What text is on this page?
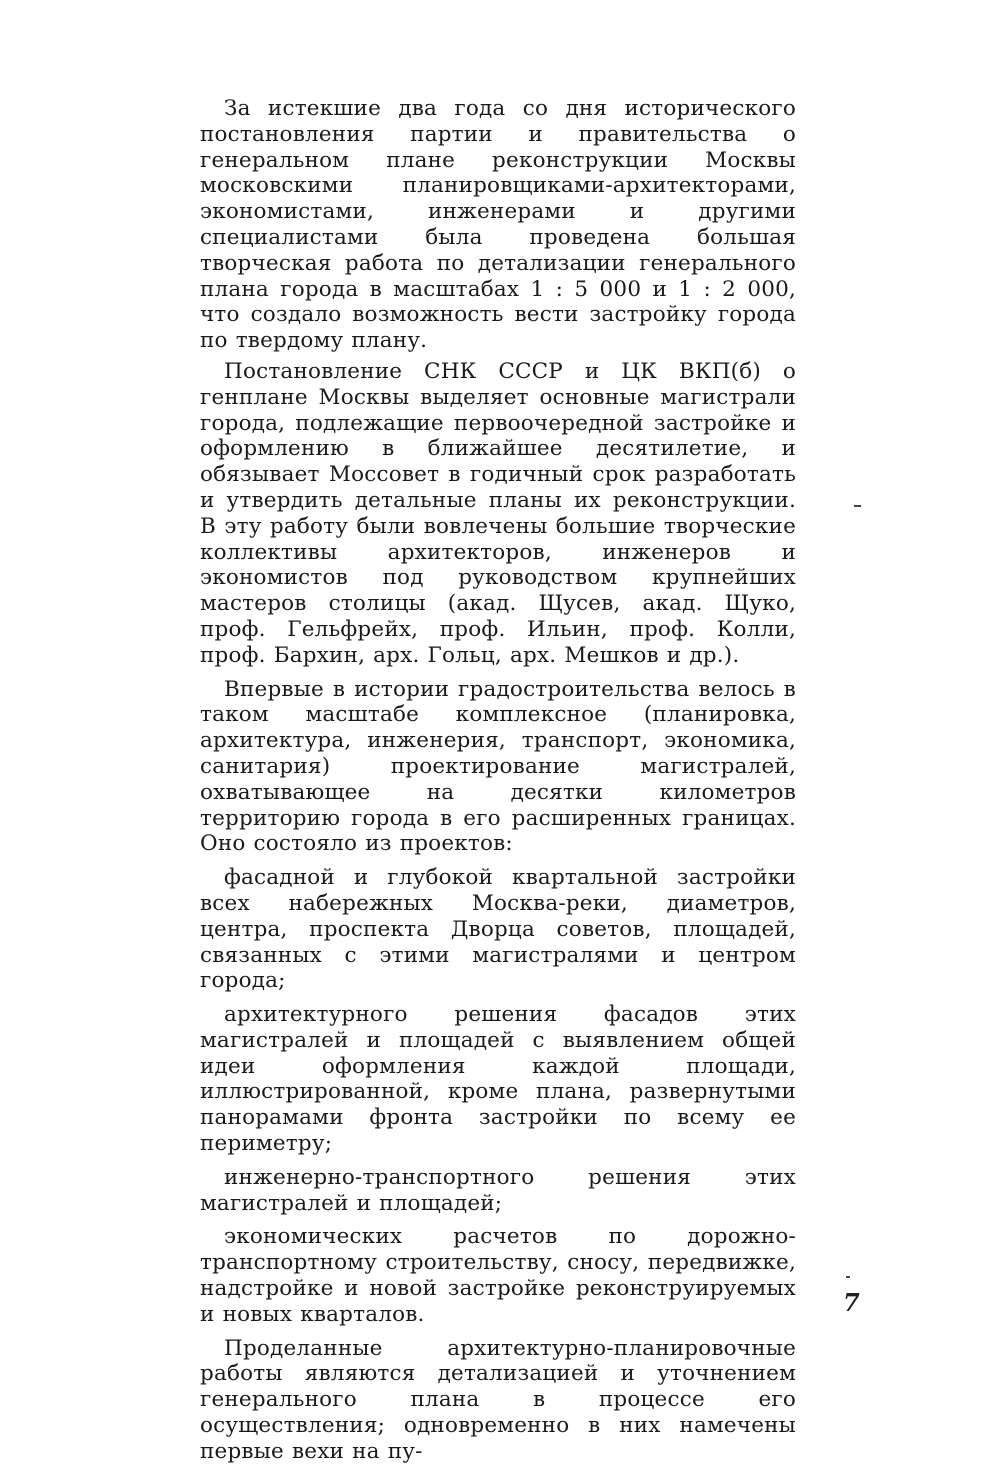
За истекшие два года со дня исторического постановления партии и правительства о генеральном плане реконструкции Москвы московскими планировщиками-архитекторами, экономистами, инженерами и другими специалистами была проведена большая творческая работа по детализации генерального плана города в масштабах 1 : 5 000 и 1 : 2 000, что создало возможность вести застройку города по твердому плану.

Постановление СНК СССР и ЦК ВКП(б) о генплане Москвы выделяет основные магистрали города, подлежащие первоочередной застройке и оформлению в ближайшее десятилетие, и обязывает Моссовет в годичный срок разработать и утвердить детальные планы их реконструкции. В эту работу были вовлечены большие творческие коллективы архитекторов, инженеров и экономистов под руководством крупнейших мастеров столицы (акад. Щусев, акад. Щуко, проф. Гельфрейх, проф. Ильин, проф. Колли, проф. Бархин, арх. Гольц, арх. Мешков и др.).

Впервые в истории градостроительства велось в таком масштабе комплексное (планировка, архитектура, инженерия, транспорт, экономика, санитария) проектирование магистралей, охватывающее на десятки километров территорию города в его расширенных границах. Оно состояло из проектов:

фасадной и глубокой квартальной застройки всех набережных Москва-реки, диаметров, центра, проспекта Дворца советов, площадей, связанных с этими магистралями и центром города;

архитектурного решения фасадов этих магистралей и площадей с выявлением общей идеи оформления каждой площади, иллюстрированной, кроме плана, развернутыми панорамами фронта застройки по всему ее периметру;

инженерно-транспортного решения этих магистралей и площадей;

экономических расчетов по дорожно-транспортному строительству, сносу, передвижке, надстройке и новой застройке реконструируемых и новых кварталов.

Проделанные архитектурно-планировочные работы являются детализацией и уточнением генерального плана в процессе его осуществления; одновременно в них намечены первые вехи на пу-

7
